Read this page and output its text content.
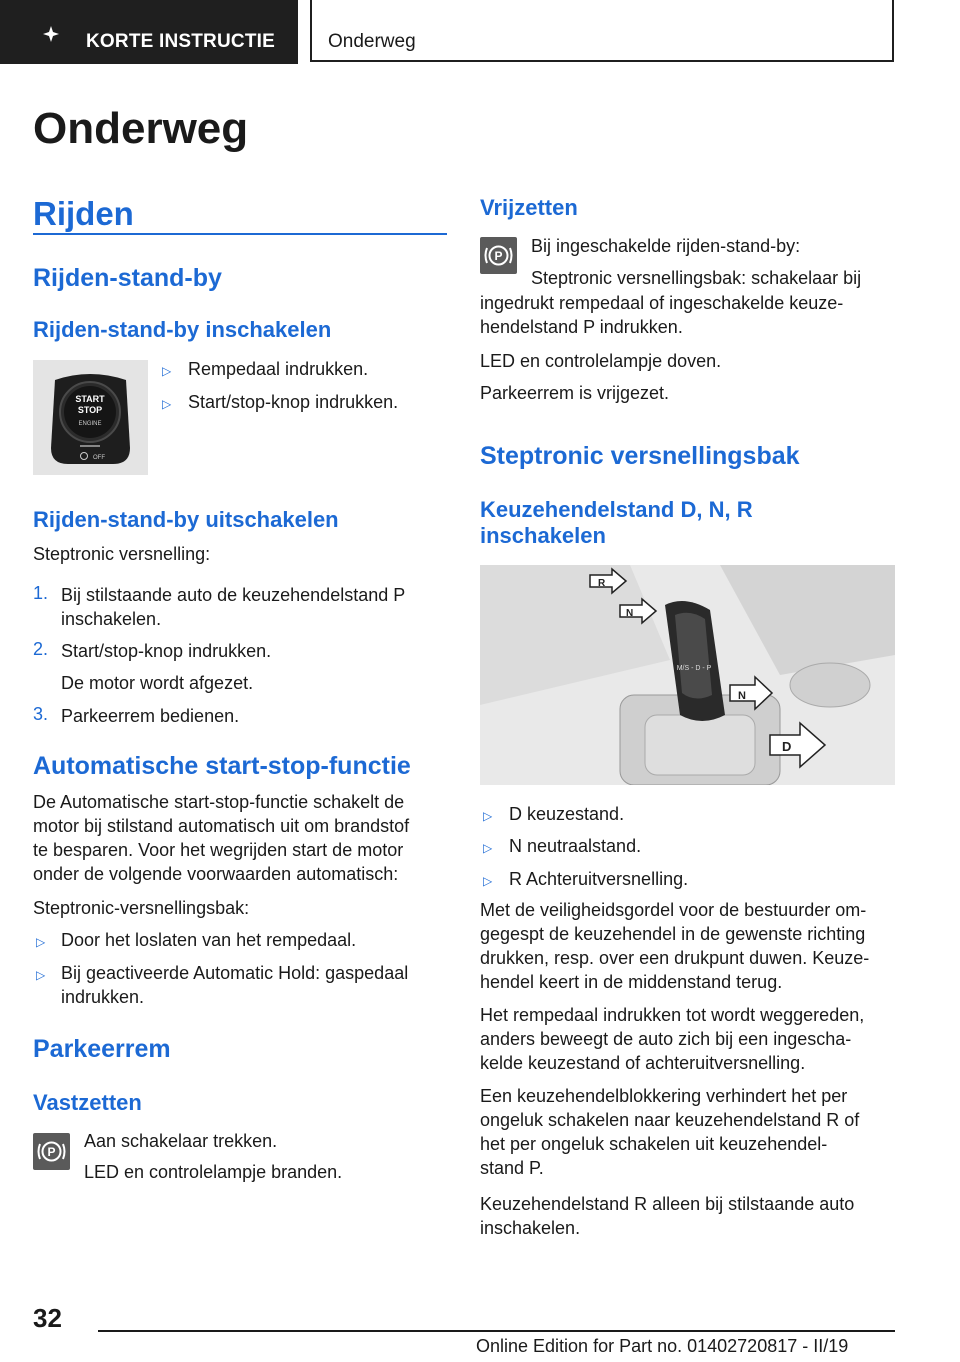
KORTE INSTRUCTIE	Onderweg
Onderweg
Rijden
Rijden-stand-by
Rijden-stand-by inschakelen
START
STOP
ENGINE
OFF
▷ Rempedaal indrukken.

▷ Start/stop-knop indrukken.

Rijden-stand-by uitschakelen

Steptronic versnelling:

1. Bij stilstaande auto de keuzehendelstand P

inschakelen.

2. Start/stop-knop indrukken.

De motor wordt afgezet.

3. Parkeerrem bedienen.

Automatische start-stop-functie

De Automatische start-stop-functie schakelt de

motor bij stilstand automatisch uit om brandstof

te besparen. Voor het wegrijden start de motor

onder de volgende voorwaarden automatisch:

Steptronic-versnellingsbak:

▷ Door het loslaten van het rempedaal.

▷ Bij geactiveerde Automatic Hold: gaspedaal

indrukken.

Parkeerrem
Vastzetten
P

Aan schakelaar trekken.

LED en controlelampje branden.

Vrijzetten
P Bij ingeschakelde rijden-stand-by:

Steptronic versnellingsbak: schakelaar bij

ingedrukt rempedaal of ingeschakelde keuze-

hendelstand P indrukken.

LED en controlelampje doven.

Parkeerrem is vrijgezet.

Steptronic versnellingsbak
Keuzehendelstand D, N, R
inschakelen
M/S - D - P
R
N
N
D
▷ D keuzestand.

▷ N neutraalstand.

▷ R Achteruitversnelling.

Met de veiligheidsgordel voor de bestuurder om-

gegespt de keuzehendel in de gewenste richting

drukken, resp. over een drukpunt duwen. Keuze-

hendel keert in de middenstand terug.

Het rempedaal indrukken tot wordt weggereden,

anders beweegt de auto zich bij een ingescha-

kelde keuzestand of achteruitversnelling.

Een keuzehendelblokkering verhindert het per

ongeluk schakelen naar keuzehendelstand R of

het per ongeluk schakelen uit keuzehendel-

stand P.

Keuzehendelstand R alleen bij stilstaande auto

inschakelen.

32
Online Edition for Part no. 01402720817 - II/19
